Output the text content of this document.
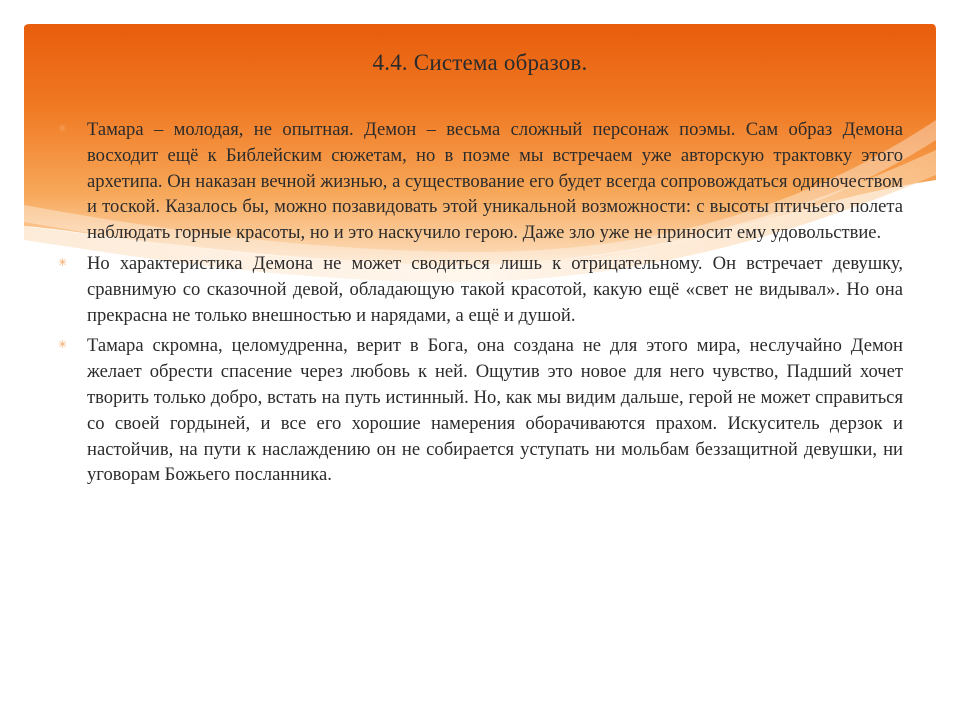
4.4. Система образов.
✳ Тамара – молодая, не опытная. Демон – весьма сложный персонаж поэмы. Сам образ Демона восходит ещё к Библейским сюжетам, но в поэме мы встречаем уже авторскую трактовку этого архетипа. Он наказан вечной жизнью, а существование его будет всегда сопровождаться одиночеством и тоской. Казалось бы, можно позавидовать этой уникальной возможности: с высоты птичьего полета наблюдать горные красоты, но и это наскучило герою. Даже зло уже не приносит ему удовольствие.
✳ Но характеристика Демона не может сводиться лишь к отрицательному. Он встречает девушку, сравнимую со сказочной девой, обладающую такой красотой, какую ещё «свет не видывал». Но она прекрасна не только внешностью и нарядами, а ещё и душой.
✳ Тамара скромна, целомудренна, верит в Бога, она создана не для этого мира, неслучайно Демон желает обрести спасение через любовь к ней. Ощутив это новое для него чувство, Падший хочет творить только добро, встать на путь истинный. Но, как мы видим дальше, герой не может справиться со своей гордыней, и все его хорошие намерения оборачиваются прахом. Искуситель дерзок и настойчив, на пути к наслаждению он не собирается уступать ни мольбам беззащитной девушки, ни уговорам Божьего посланника.
